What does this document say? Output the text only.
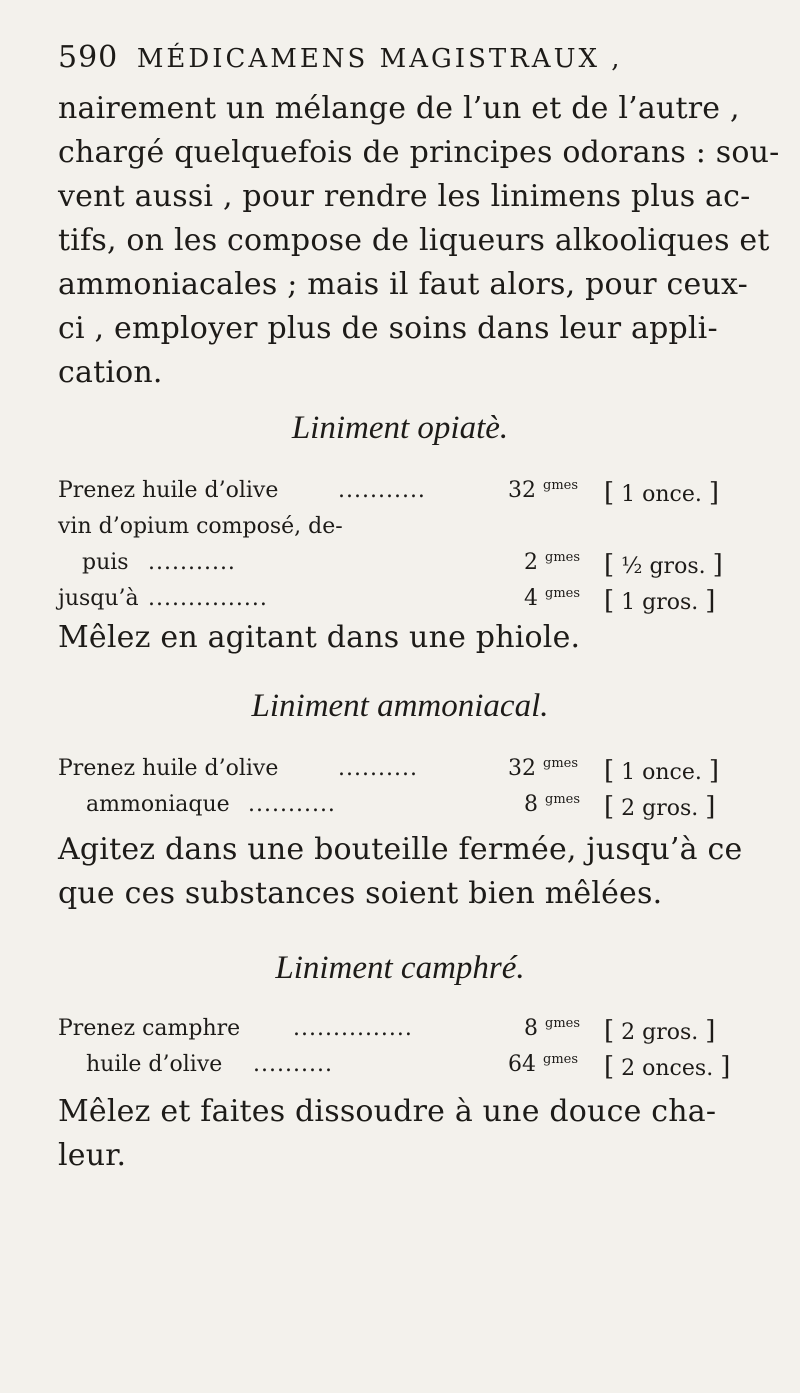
590 MÉDICAMENS MAGISTRAUX ,
nairement un mélange de l’un et de l’autre ,
chargé quelquefois de principes odorans : sou-
vent aussi , pour rendre les linimens plus ac-
tifs, on les compose de liqueurs alkooliques et
ammoniacales ; mais il faut alors, pour ceux-
ci , employer plus de soins dans leur appli-
cation.
Liniment opiatè.
Prenez huile d’olive	...........	32 $^{gmes}$ [ 1 once. ]
vin d’opium composé, de-
puis ...........	2 $^{gmes}$ [ ½ gros. ]
jusqu’à ...............	4 $^{gmes}$ [ 1 gros. ]
Mêlez en agitant dans une phiole.
Liniment ammoniacal.
Prenez huile d’olive	..........	32 $^{gmes}$ [ 1 once. ]
ammoniaque ...........	8 $^{gmes}$ [ 2 gros. ]
Agitez dans une bouteille fermée, jusqu’à ce
que ces substances soient bien mêlées.
Liniment camphré.
Prenez camphre ...............	8 $^{gmes}$ [ 2 gros. ]
huile d’olive ..........	64 $^{gmes}$ [ 2 onces. ]
Mêlez et faites dissoudre à une douce cha-
leur.
